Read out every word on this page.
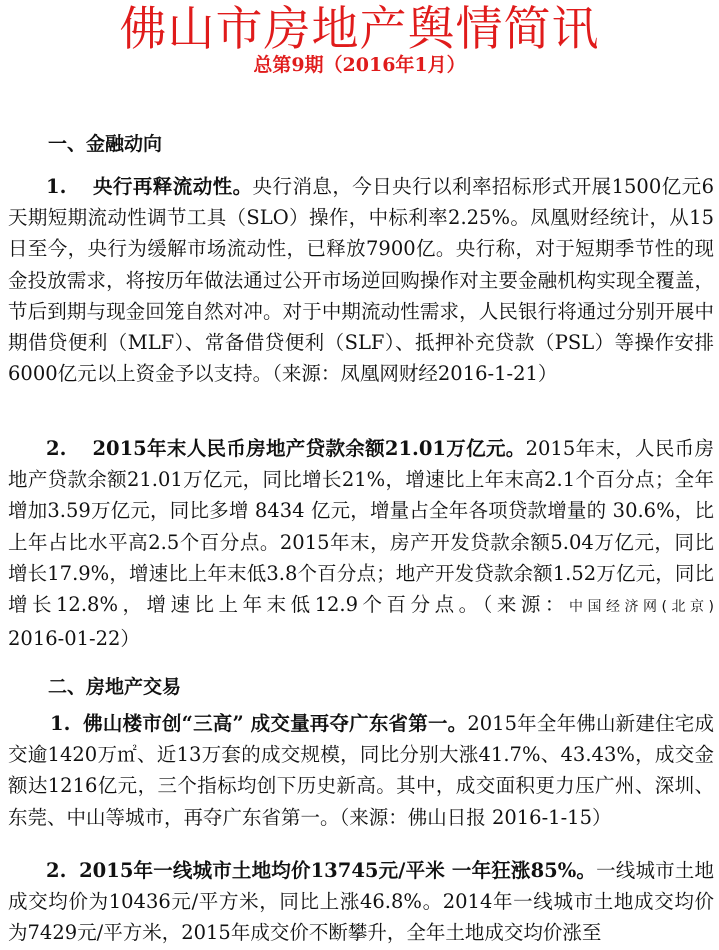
佛山市房地产舆情简讯
总第9期（2016年1月）
一、金融动向
1. 央行再释流动性。央行消息，今日央行以利率招标形式开展1500亿元6天期短期流动性调节工具（SLO）操作，中标利率2.25%。凤凰财经统计，从15日至今，央行为缓解市场流动性，已释放7900亿。央行称，对于短期季节性的现金投放需求，将按历年做法通过公开市场逆回购操作对主要金融机构实现全覆盖，节后到期与现金回笼自然对冲。对于中期流动性需求，人民银行将通过分别开展中期借贷便利（MLF）、常备借贷便利（SLF）、抵押补充贷款（PSL）等操作安排6000亿元以上资金予以支持。（来源：凤凰网财经2016-1-21）
2. 2015年末人民币房地产贷款余额21.01万亿元。2015年末，人民币房地产贷款余额21.01万亿元，同比增长21%，增速比上年末高2.1个百分点；全年增加3.59万亿元，同比多增 8434 亿元，增量占全年各项贷款增量的 30.6%，比上年占比水平高2.5个百分点。2015年末，房产开发贷款余额5.04万亿元，同比增长17.9%，增速比上年末低3.8个百分点；地产开发贷款余额1.52万亿元，同比增长12.8%，增速比上年末低12.9个百分点。（来源：中国经济网(北京) 2016-01-22）
二、房地产交易
1. 佛山楼市创“三高” 成交量再夺广东省第一。2015年全年佛山新建住宅成交逾1420万㎡、近13万套的成交规模，同比分别大涨41.7%、43.43%，成交金额达1216亿元，三个指标均创下历史新高。其中，成交面积更力压广州、深圳、东莞、中山等城市，再夺广东省第一。（来源：佛山日报 2016-1-15）
2. 2015年一线城市土地均价13745元/平米 一年狂涨85%。一线城市土地成交均价为10436元/平方米，同比上涨46.8%。2014年一线城市土地成交均价为7429元/平方米，2015年成交价不断攀升，全年土地成交均价涨至
